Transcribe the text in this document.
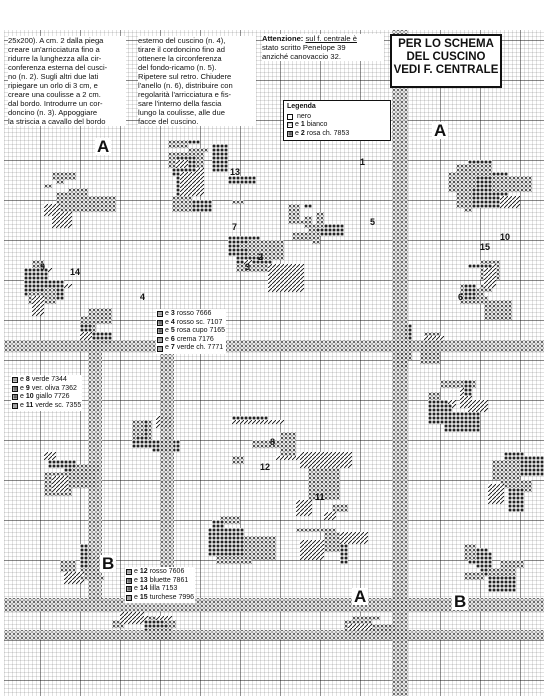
13
7
3
2
14
9
15
1
6
5
4
10
8
12
11
25x200). A cm. 2 dalla piega
creare un'arricciatura fino a
ridurre la lunghezza alla cir-
conferenza esterna del cusci-
no (n. 2). Sugli altri due lati
ripiegare un orlo di 3 cm, e
creare una coulisse a 2 cm.
dal bordo. Introdurre un cor-
doncino (n. 3). Appoggiare
la striscia a cavallo del bordo
esterno del cuscino (n. 4),
tirare il cordoncino fino ad
ottenere la circonferenza
del fondo-ricamo (n. 5).
Ripetere sul retro. Chiudere
l'anello (n. 6), distribuire con
regolarità l'arricciatura e fis-
sare l'interno della fascia
lungo la coulisse, alle due
facce del cuscino.
Attenzione: sul f. centrale è
stato scritto Penelope 39
anziché canovaccio 32.
PER LO SCHEMA
DEL CUSCINO
VEDI F. CENTRALE
Legenda
nero
□ e 1 bianco
▦ e 2 rosa ch. 7853
▤ e 3 rosso 7666
▩ e 4 rosso sc. 7107
▦ e 5 rosa cupo 7165
▧ e 6 crema 7176
▨ e 7 verde ch. 7771
▤ e 8 verde 7344
▩ e 9 ver. oliva 7362
▦ e 10 giallo 7726
▧ e 11 verde sc. 7355
▤ e 12 rosso 7606
▩ e 13 bluette 7861
▦ e 14 lilla 7153
▧ e 15 turchese 7996
A
A
A
B
B
